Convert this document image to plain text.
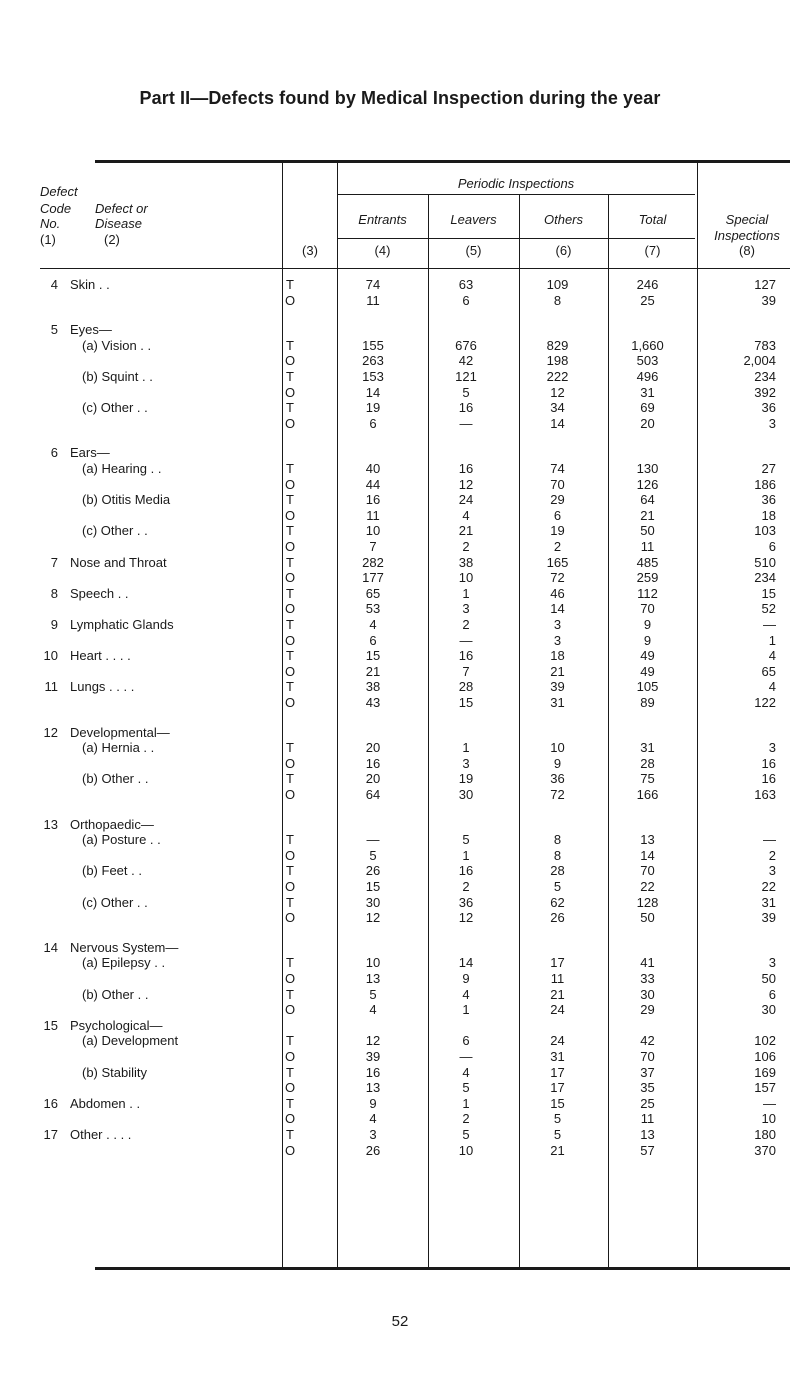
Part II—Defects found by Medical Inspection during the year
Defect
Code Defect or
No.	Disease
(1)	(2)
(3)
Periodic Inspections
Entrants	Leavers	Others	Total	Special
Inspections
(4)	(5)	(6)	(7)	(8)
4 Skin . .	T	74	63	109	246	127
O	11	6	8	25	39
5 Eyes—
(a) Vision . .	T	155	676	829	1,660	783
O	263	42	198	503	2,004
(b) Squint . .	T	153	121	222	496	234
O	14	5	12	31	392
(c) Other . .	T	19	16	34	69	36
O	6	—	14	20	3
6 Ears—
(a) Hearing . .	T	40	16	74	130	27
O	44	12	70	126	186
(b) Otitis Media	T	16	24	29	64	36
O	11	4	6	21	18
(c) Other . .	T	10	21	19	50	103
O	7	2	2	11	6
7 Nose and Throat	T	282	38	165	485	510
O	177	10	72	259	234
8 Speech . .	T	65	1	46	112	15
O	53	3	14	70	52
9 Lymphatic Glands	T	4	2	3	9	—
O	6	—	3	9	1
10 Heart . . . .	T	15	16	18	49	4
O	21	7	21	49	65
11 Lungs . . . .	T	38	28	39	105	4
O	43	15	31	89	122
12 Developmental—
(a) Hernia . .	T	20	1	10	31	3
O	16	3	9	28	16
(b) Other . .	T	20	19	36	75	16
O	64	30	72	166	163
13 Orthopaedic—
(a) Posture . .	T	—	5	8	13	—
O	5	1	8	14	2
(b) Feet . .	T	26	16	28	70	3
O	15	2	5	22	22
(c) Other . .	T	30	36	62	128	31
O	12	12	26	50	39
14 Nervous System—
(a) Epilepsy . .	T	10	14	17	41	3
O	13	9	11	33	50
(b) Other . .	T	5	4	21	30	6
O	4	1	24	29	30
15 Psychological—
(a) Development	T	12	6	24	42	102
O	39	—	31	70	106
(b) Stability	T	16	4	17	37	169
O	13	5	17	35	157
16 Abdomen . .	T	9	1	15	25	—
O	4	2	5	11	10
17 Other . . . .	T	3	5	5	13	180
O	26	10	21	57	370
52
